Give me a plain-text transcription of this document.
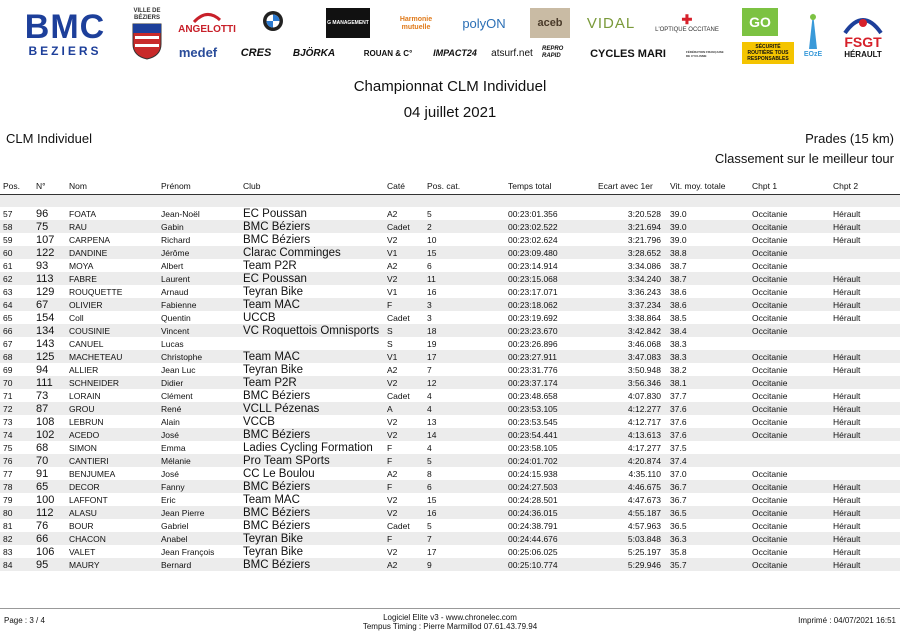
BMC
BEZIERS
VILLE DE BÉZIERS
ANGELOTTI
medef CRES BJÖRKA
G MANAGEMENT
ROUAN & C°
Harmonie mutuelle
IMPACT24
polyON
atsurf.net
aceb
REPRO RAPID
VIDAL
CYCLES MARI
✚
L'OPTIQUE OCCITANE
FÉDÉRATION FRANÇAISE DE CYCLISME
GO
SÉCURITÉ ROUTIÈRE TOUS RESPONSABLES
EOzE
FSGT
HÉRAULT
Championnat CLM Individuel
04 juillet 2021
CLM Individuel	Prades (15 km)
Classement sur le meilleur tour
Pos.	N°	Nom	Prénom	Club	Caté	Pos. cat.	Temps total	Ecart avec 1er	Vit. moy. totale	Chpt 1	Chpt 2

57	96	FOATA	Jean-Noël	EC Poussan	A2	5	00:23:01.356	3:20.528	39.0	Occitanie	Hérault
58	75	RAU	Gabin	BMC Béziers	Cadet	2	00:23:02.522	3:21.694	39.0	Occitanie	Hérault
59	107	CARPENA	Richard	BMC Béziers	V2	10	00:23:02.624	3:21.796	39.0	Occitanie	Hérault
60	122	DANDINE	Jérôme	Clarac Comminges	V1	15	00:23:09.480	3:28.652	38.8	Occitanie	
61	93	MOYA	Albert	Team P2R	A2	6	00:23:14.914	3:34.086	38.7	Occitanie	
62	113	FABRE	Laurent	EC Poussan	V2	11	00:23:15.068	3:34.240	38.7	Occitanie	Hérault
63	129	ROUQUETTE	Arnaud	Teyran Bike	V1	16	00:23:17.071	3:36.243	38.6	Occitanie	Hérault
64	67	OLIVIER	Fabienne	Team MAC	F	3	00:23:18.062	3:37.234	38.6	Occitanie	Hérault
65	154	Coll	Quentin	UCCB	Cadet	3	00:23:19.692	3:38.864	38.5	Occitanie	Hérault
66	134	COUSINIE	Vincent	VC Roquettois Omnisports	S	18	00:23:23.670	3:42.842	38.4	Occitanie	
67	143	CANUEL	Lucas		S	19	00:23:26.896	3:46.068	38.3		
68	125	MACHETEAU	Christophe	Team MAC	V1	17	00:23:27.911	3:47.083	38.3	Occitanie	Hérault
69	94	ALLIER	Jean Luc	Teyran Bike	A2	7	00:23:31.776	3:50.948	38.2	Occitanie	Hérault
70	111	SCHNEIDER	Didier	Team P2R	V2	12	00:23:37.174	3:56.346	38.1	Occitanie	
71	73	LORAIN	Clément	BMC Béziers	Cadet	4	00:23:48.658	4:07.830	37.7	Occitanie	Hérault
72	87	GROU	René	VCLL Pézenas	A	4	00:23:53.105	4:12.277	37.6	Occitanie	Hérault
73	108	LEBRUN	Alain	VCCB	V2	13	00:23:53.545	4:12.717	37.6	Occitanie	Hérault
74	102	ACEDO	José	BMC Béziers	V2	14	00:23:54.441	4:13.613	37.6	Occitanie	Hérault
75	68	SIMON	Emma	Ladies Cycling Formation	F	4	00:23:58.105	4:17.277	37.5		
76	70	CANTIERI	Mélanie	Pro Team SPorts	F	5	00:24:01.702	4:20.874	37.4		
77	91	BENJUMEA	José	CC Le Boulou	A2	8	00:24:15.938	4:35.110	37.0	Occitanie	
78	65	DECOR	Fanny	BMC Béziers	F	6	00:24:27.503	4:46.675	36.7	Occitanie	Hérault
79	100	LAFFONT	Eric	Team MAC	V2	15	00:24:28.501	4:47.673	36.7	Occitanie	Hérault
80	112	ALASU	Jean Pierre	BMC Béziers	V2	16	00:24:36.015	4:55.187	36.5	Occitanie	Hérault
81	76	BOUR	Gabriel	BMC Béziers	Cadet	5	00:24:38.791	4:57.963	36.5	Occitanie	Hérault
82	66	CHACON	Anabel	Teyran Bike	F	7	00:24:44.676	5:03.848	36.3	Occitanie	Hérault
83	106	VALET	Jean François	Teyran Bike	V2	17	00:25:06.025	5:25.197	35.8	Occitanie	Hérault
84	95	MAURY	Bernard	BMC Béziers	A2	9	00:25:10.774	5:29.946	35.7	Occitanie	Hérault
Page : 3 / 4	Logiciel Elite v3 - www.chronelec.com
Tempus Timing : Pierre Marmillod 07.61.43.79.94
Imprimé : 04/07/2021 16:51
